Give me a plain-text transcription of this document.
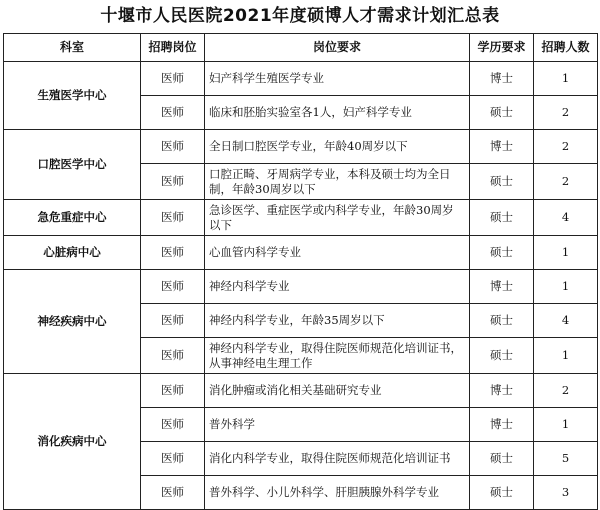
十堰市人民医院2021年度硕博人才需求计划汇总表
科室	招聘岗位	岗位要求	学历要求	招聘人数
生殖医学中心	医师	妇产科学生殖医学专业	博士	1
	医师	临床和胚胎实验室各1人，妇产科学专业	硕士	2
口腔医学中心	医师	全日制口腔医学专业，年龄40周岁以下	博士	2
	医师	口腔正畸、牙周病学专业，本科及硕士均为全日制，年龄30周岁以下	硕士	2
急危重症中心	医师	急诊医学、重症医学或内科学专业，年龄30周岁以下	硕士	4
心脏病中心	医师	心血管内科学专业	硕士	1
神经疾病中心	医师	神经内科学专业	博士	1
	医师	神经内科学专业，年龄35周岁以下	硕士	4
	医师	神经内科学专业，取得住院医师规范化培训证书，从事神经电生理工作	硕士	1
消化疾病中心	医师	消化肿瘤或消化相关基础研究专业	博士	2
	医师	普外科学	博士	1
	医师	消化内科学专业，取得住院医师规范化培训证书	硕士	5
	医师	普外科学、小儿外科学、肝胆胰腺外科学专业	硕士	3
